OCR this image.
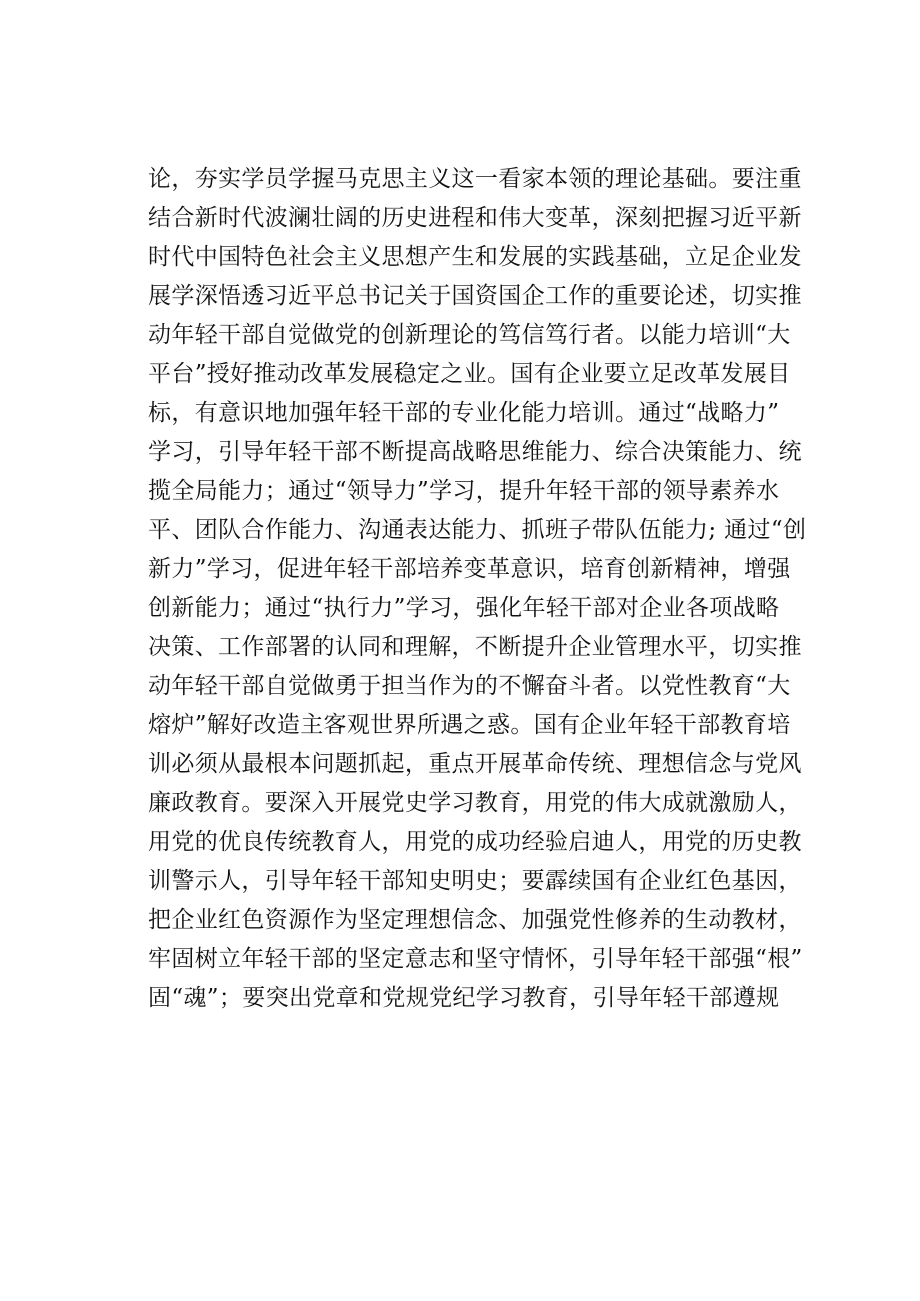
论，夯实学员学握马克思主义这一看家本领的理论基础。要注重
结合新时代波澜壮阔的历史进程和伟大变革，深刻把握习近平新
时代中国特色社会主义思想产生和发展的实践基础，立足企业发
展学深悟透习近平总书记关于国资国企工作的重要论述，切实推
动年轻干部自觉做党的创新理论的笃信笃行者。以能力培训“大
平台”授好推动改革发展稳定之业。国有企业要立足改革发展目
标，有意识地加强年轻干部的专业化能力培训。通过“战略力”
学习，引导年轻干部不断提高战略思维能力、综合决策能力、统
揽全局能力；通过“领导力”学习，提升年轻干部的领导素养水
平、团队合作能力、沟通表达能力、抓班子带队伍能力; 通过“创
新力”学习，促进年轻干部培养变革意识，培育创新精神，增强
创新能力；通过“执行力”学习，强化年轻干部对企业各项战略
决策、工作部署的认同和理解，不断提升企业管理水平，切实推
动年轻干部自觉做勇于担当作为的不懈奋斗者。以党性教育“大
熔炉”解好改造主客观世界所遇之惑。国有企业年轻干部教育培
训必须从最根本问题抓起，重点开展革命传统、理想信念与党风
廉政教育。要深入开展党史学习教育，用党的伟大成就激励人，
用党的优良传统教育人，用党的成功经验启迪人，用党的历史教
训警示人，引导年轻干部知史明史；要霹续国有企业红色基因，
把企业红色资源作为坚定理想信念、加强党性修养的生动教材，
牢固树立年轻干部的坚定意志和坚守情怀，引导年轻干部强“根”
固“魂”；要突出党章和党规党纪学习教育，引导年轻干部遵规
